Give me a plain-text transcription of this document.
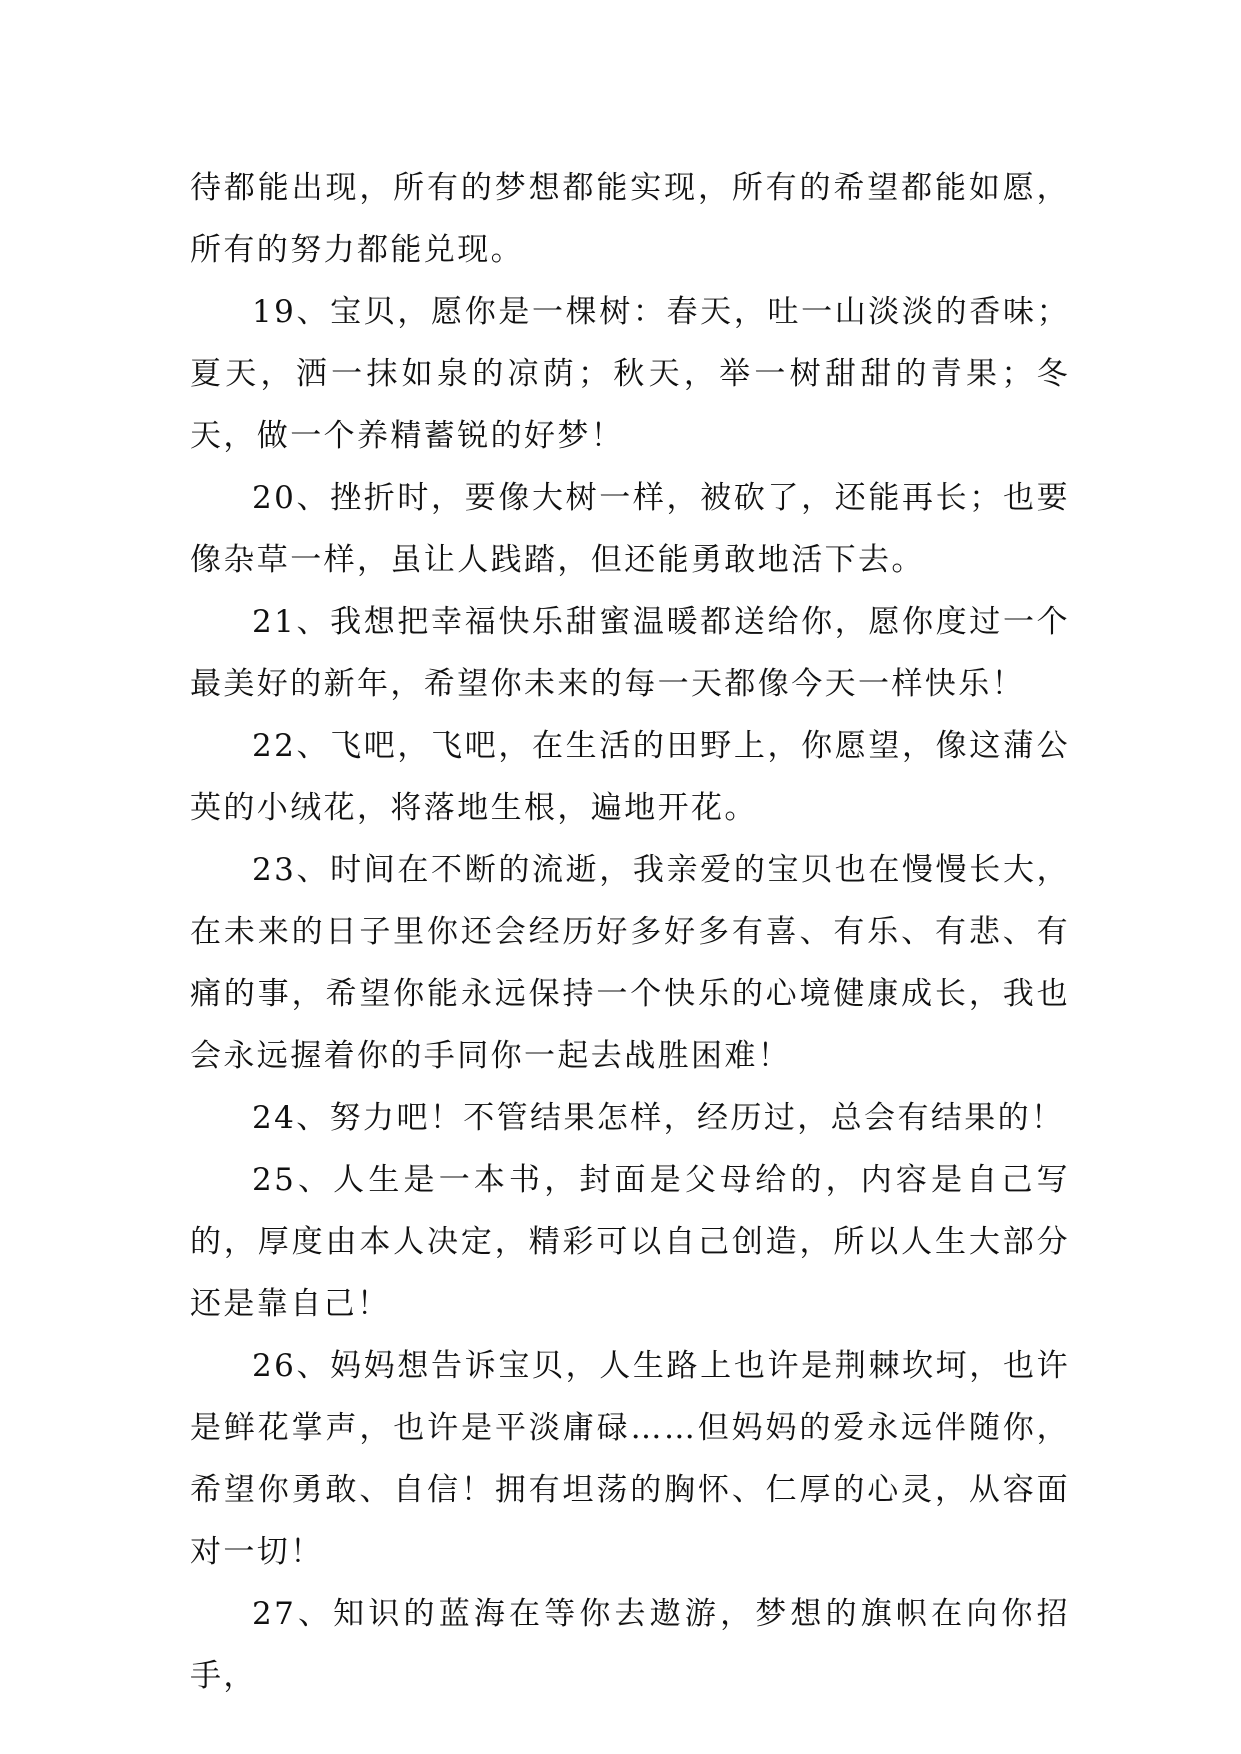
待都能出现，所有的梦想都能实现，所有的希望都能如愿，所有的努力都能兑现。

19、宝贝，愿你是一棵树：春天，吐一山淡淡的香味；夏天，洒一抹如泉的凉荫；秋天，举一树甜甜的青果；冬天，做一个养精蓄锐的好梦！

20、挫折时，要像大树一样，被砍了，还能再长；也要像杂草一样，虽让人践踏，但还能勇敢地活下去。

21、我想把幸福快乐甜蜜温暖都送给你，愿你度过一个最美好的新年，希望你未来的每一天都像今天一样快乐！

22、飞吧，飞吧，在生活的田野上，你愿望，像这蒲公英的小绒花，将落地生根，遍地开花。

23、时间在不断的流逝，我亲爱的宝贝也在慢慢长大，在未来的日子里你还会经历好多好多有喜、有乐、有悲、有痛的事，希望你能永远保持一个快乐的心境健康成长，我也会永远握着你的手同你一起去战胜困难！

24、努力吧！不管结果怎样，经历过，总会有结果的！

25、人生是一本书，封面是父母给的，内容是自己写的，厚度由本人决定，精彩可以自己创造，所以人生大部分还是靠自己！

26、妈妈想告诉宝贝，人生路上也许是荆棘坎坷，也许是鲜花掌声，也许是平淡庸碌……但妈妈的爱永远伴随你，希望你勇敢、自信！拥有坦荡的胸怀、仁厚的心灵，从容面对一切！

27、知识的蓝海在等你去遨游，梦想的旗帜在向你招手，
